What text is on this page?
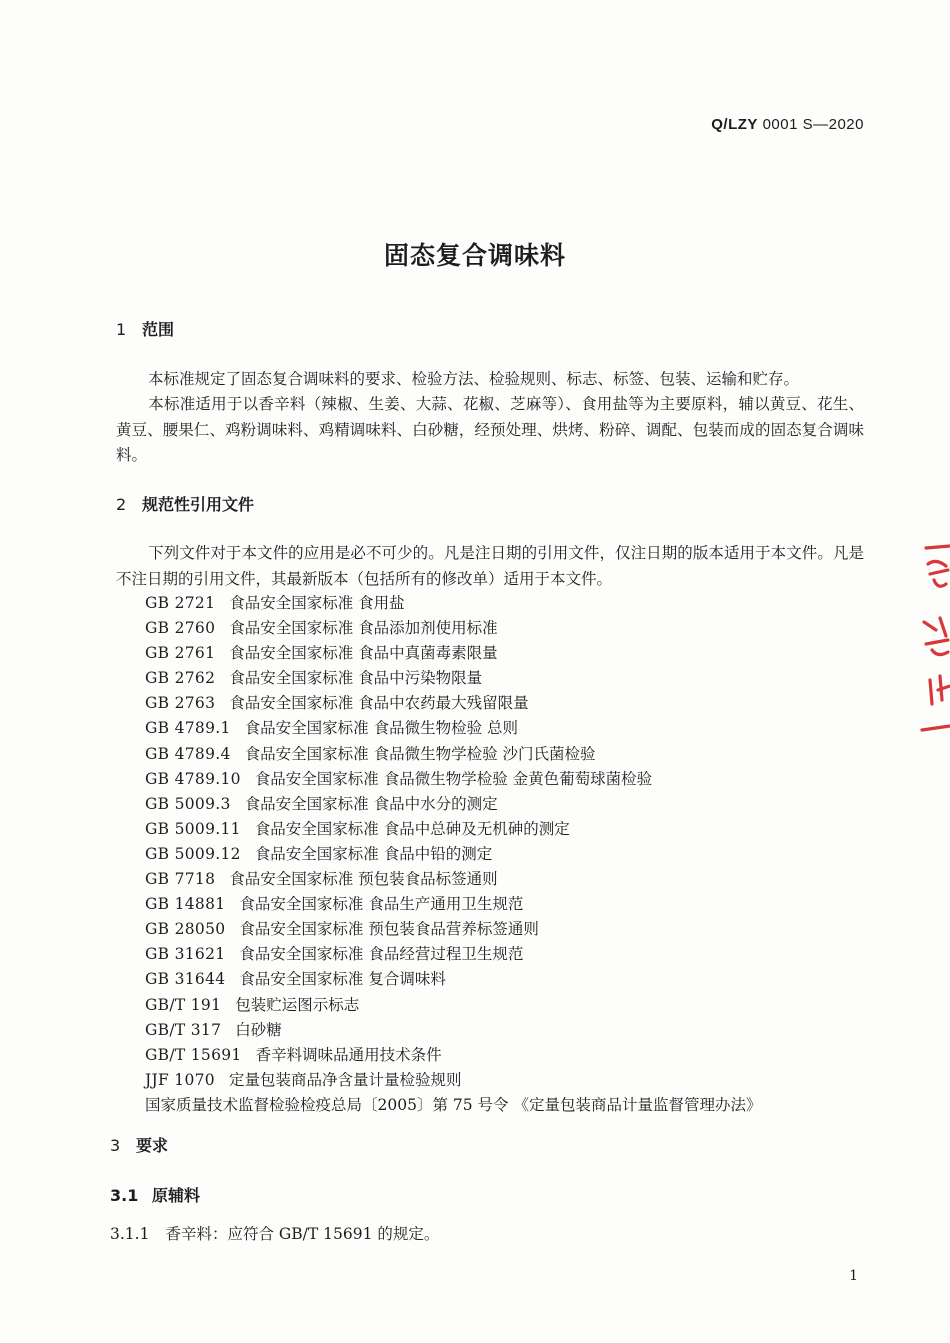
Q/LZY 0001 S—2020
固态复合调味料
1 范围
本标准规定了固态复合调味料的要求、检验方法、检验规则、标志、标签、包装、运输和贮存。
本标准适用于以香辛料（辣椒、生姜、大蒜、花椒、芝麻等）、食用盐等为主要原料，辅以黄豆、花生、黄豆、腰果仁、鸡粉调味料、鸡精调味料、白砂糖，经预处理、烘烤、粉碎、调配、包装而成的固态复合调味料。
2 规范性引用文件
下列文件对于本文件的应用是必不可少的。凡是注日期的引用文件，仅注日期的版本适用于本文件。凡是不注日期的引用文件，其最新版本（包括所有的修改单）适用于本文件。
GB 2721 食品安全国家标准 食用盐
GB 2760 食品安全国家标准 食品添加剂使用标准
GB 2761 食品安全国家标准 食品中真菌毒素限量
GB 2762 食品安全国家标准 食品中污染物限量
GB 2763 食品安全国家标准 食品中农药最大残留限量
GB 4789.1 食品安全国家标准 食品微生物检验 总则
GB 4789.4 食品安全国家标准 食品微生物学检验 沙门氏菌检验
GB 4789.10 食品安全国家标准 食品微生物学检验 金黄色葡萄球菌检验
GB 5009.3 食品安全国家标准 食品中水分的测定
GB 5009.11 食品安全国家标准 食品中总砷及无机砷的测定
GB 5009.12 食品安全国家标准 食品中铅的测定
GB 7718 食品安全国家标准 预包装食品标签通则
GB 14881 食品安全国家标准 食品生产通用卫生规范
GB 28050 食品安全国家标准 预包装食品营养标签通则
GB 31621 食品安全国家标准 食品经营过程卫生规范
GB 31644 食品安全国家标准 复合调味料
GB/T 191 包装贮运图示标志
GB/T 317 白砂糖
GB/T 15691 香辛料调味品通用技术条件
JJF 1070 定量包装商品净含量计量检验规则
国家质量技术监督检验检疫总局〔2005〕第 75 号令 《定量包装商品计量监督管理办法》
3 要求
3.1 原辅料
3.1.1 香辛料：应符合 GB/T 15691 的规定。
1
